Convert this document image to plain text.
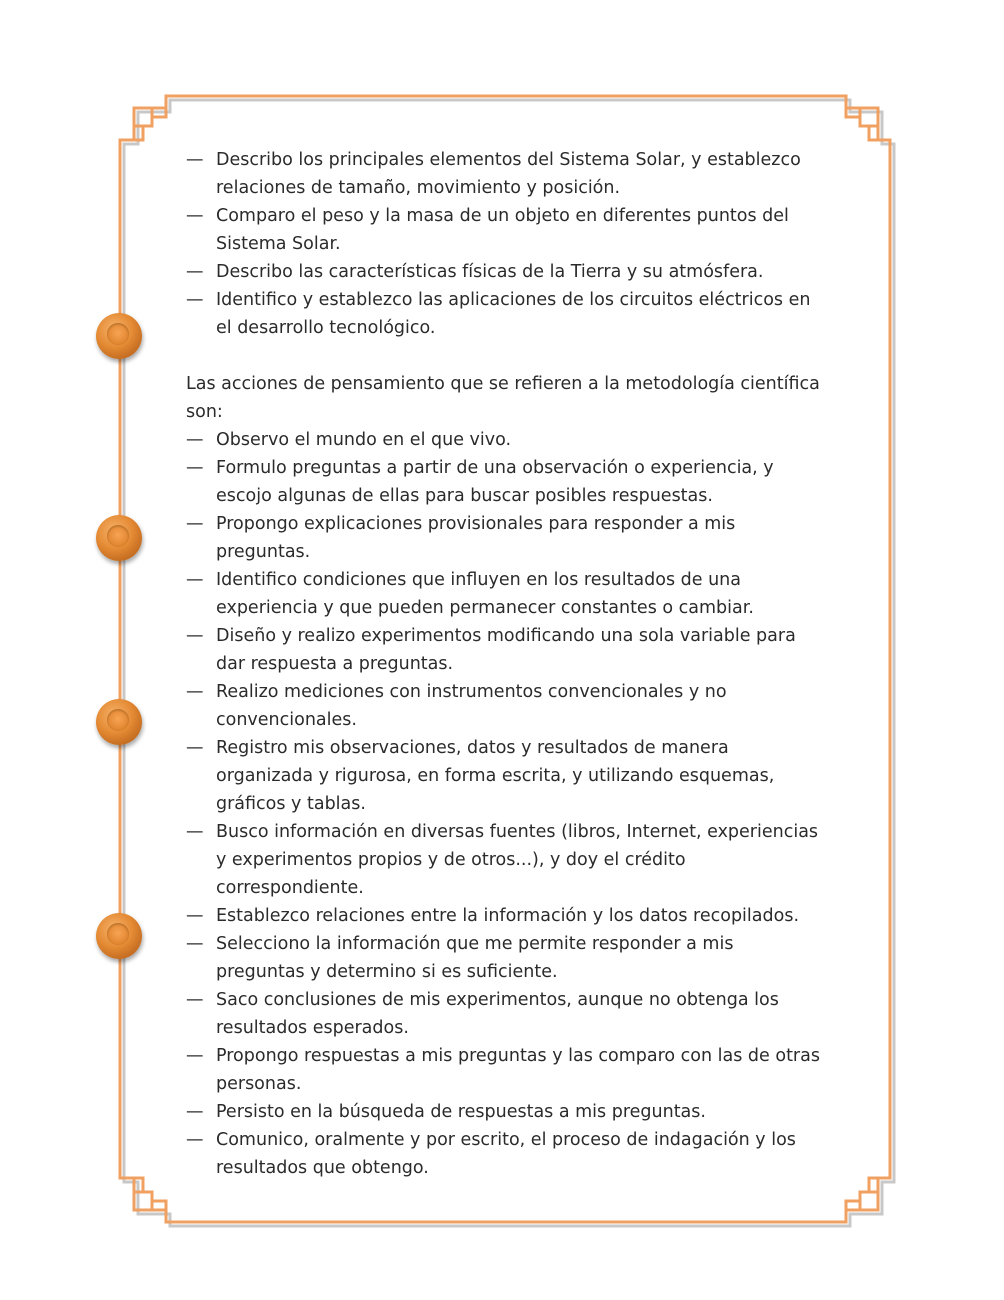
— Describo los principales elementos del Sistema Solar, y establezco relaciones de tamaño, movimiento y posición.
— Comparo el peso y la masa de un objeto en diferentes puntos del Sistema Solar.
— Describo las características físicas de la Tierra y su atmósfera.
— Identifico y establezco las aplicaciones de los circuitos eléctricos en el desarrollo tecnológico.

Las acciones de pensamiento que se refieren a la metodología científica son:

— Observo el mundo en el que vivo.
— Formulo preguntas a partir de una observación o experiencia, y escojo algunas de ellas para buscar posibles respuestas.
— Propongo explicaciones provisionales para responder a mis preguntas.
— Identifico condiciones que influyen en los resultados de una experiencia y que pueden permanecer constantes o cambiar.
— Diseño y realizo experimentos modificando una sola variable para dar respuesta a preguntas.
— Realizo mediciones con instrumentos convencionales y no convencionales.
— Registro mis observaciones, datos y resultados de manera organizada y rigurosa, en forma escrita, y utilizando esquemas, gráficos y tablas.
— Busco información en diversas fuentes (libros, Internet, experiencias y experimentos propios y de otros...), y doy el crédito correspondiente.
— Establezco relaciones entre la información y los datos recopilados.
— Selecciono la información que me permite responder a mis preguntas y determino si es suficiente.
— Saco conclusiones de mis experimentos, aunque no obtenga los resultados esperados.
— Propongo respuestas a mis preguntas y las comparo con las de otras personas.
— Persisto en la búsqueda de respuestas a mis preguntas.
— Comunico, oralmente y por escrito, el proceso de indagación y los resultados que obtengo.
